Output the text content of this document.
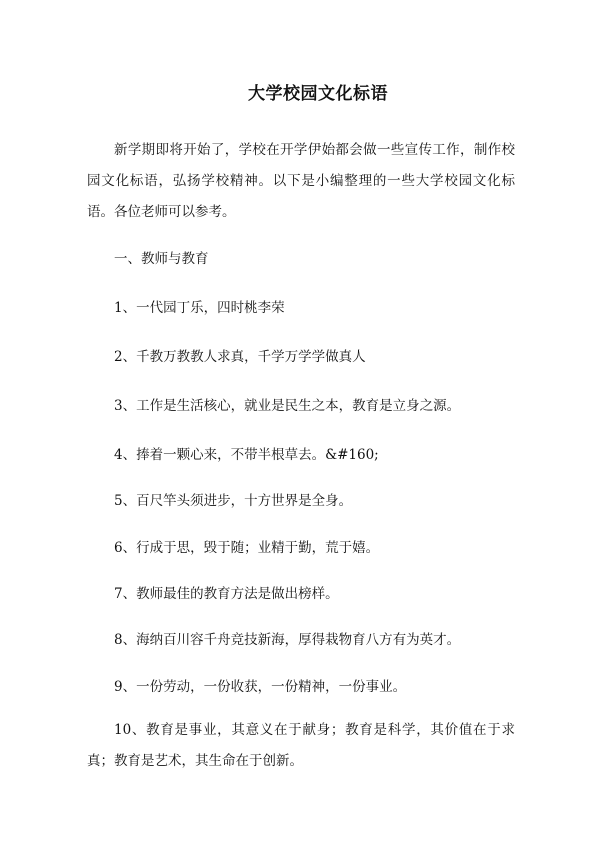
大学校园文化标语

新学期即将开始了，学校在开学伊始都会做一些宣传工作，制作校园文化标语，弘扬学校精神。以下是小编整理的一些大学校园文化标语。各位老师可以参考。

一、教师与教育

1、一代园丁乐，四时桃李荣

2、千教万教教人求真，千学万学学做真人

3、工作是生活核心，就业是民生之本，教育是立身之源。

4、捧着一颗心来，不带半根草去。&#160;

5、百尺竿头须进步，十方世界是全身。

6、行成于思，毁于随；业精于勤，荒于嬉。

7、教师最佳的教育方法是做出榜样。

8、海纳百川容千舟竞技新海，厚得栽物育八方有为英才。

9、一份劳动，一份收获，一份精神，一份事业。

10、教育是事业，其意义在于献身；教育是科学，其价值在于求真；教育是艺术，其生命在于创新。
